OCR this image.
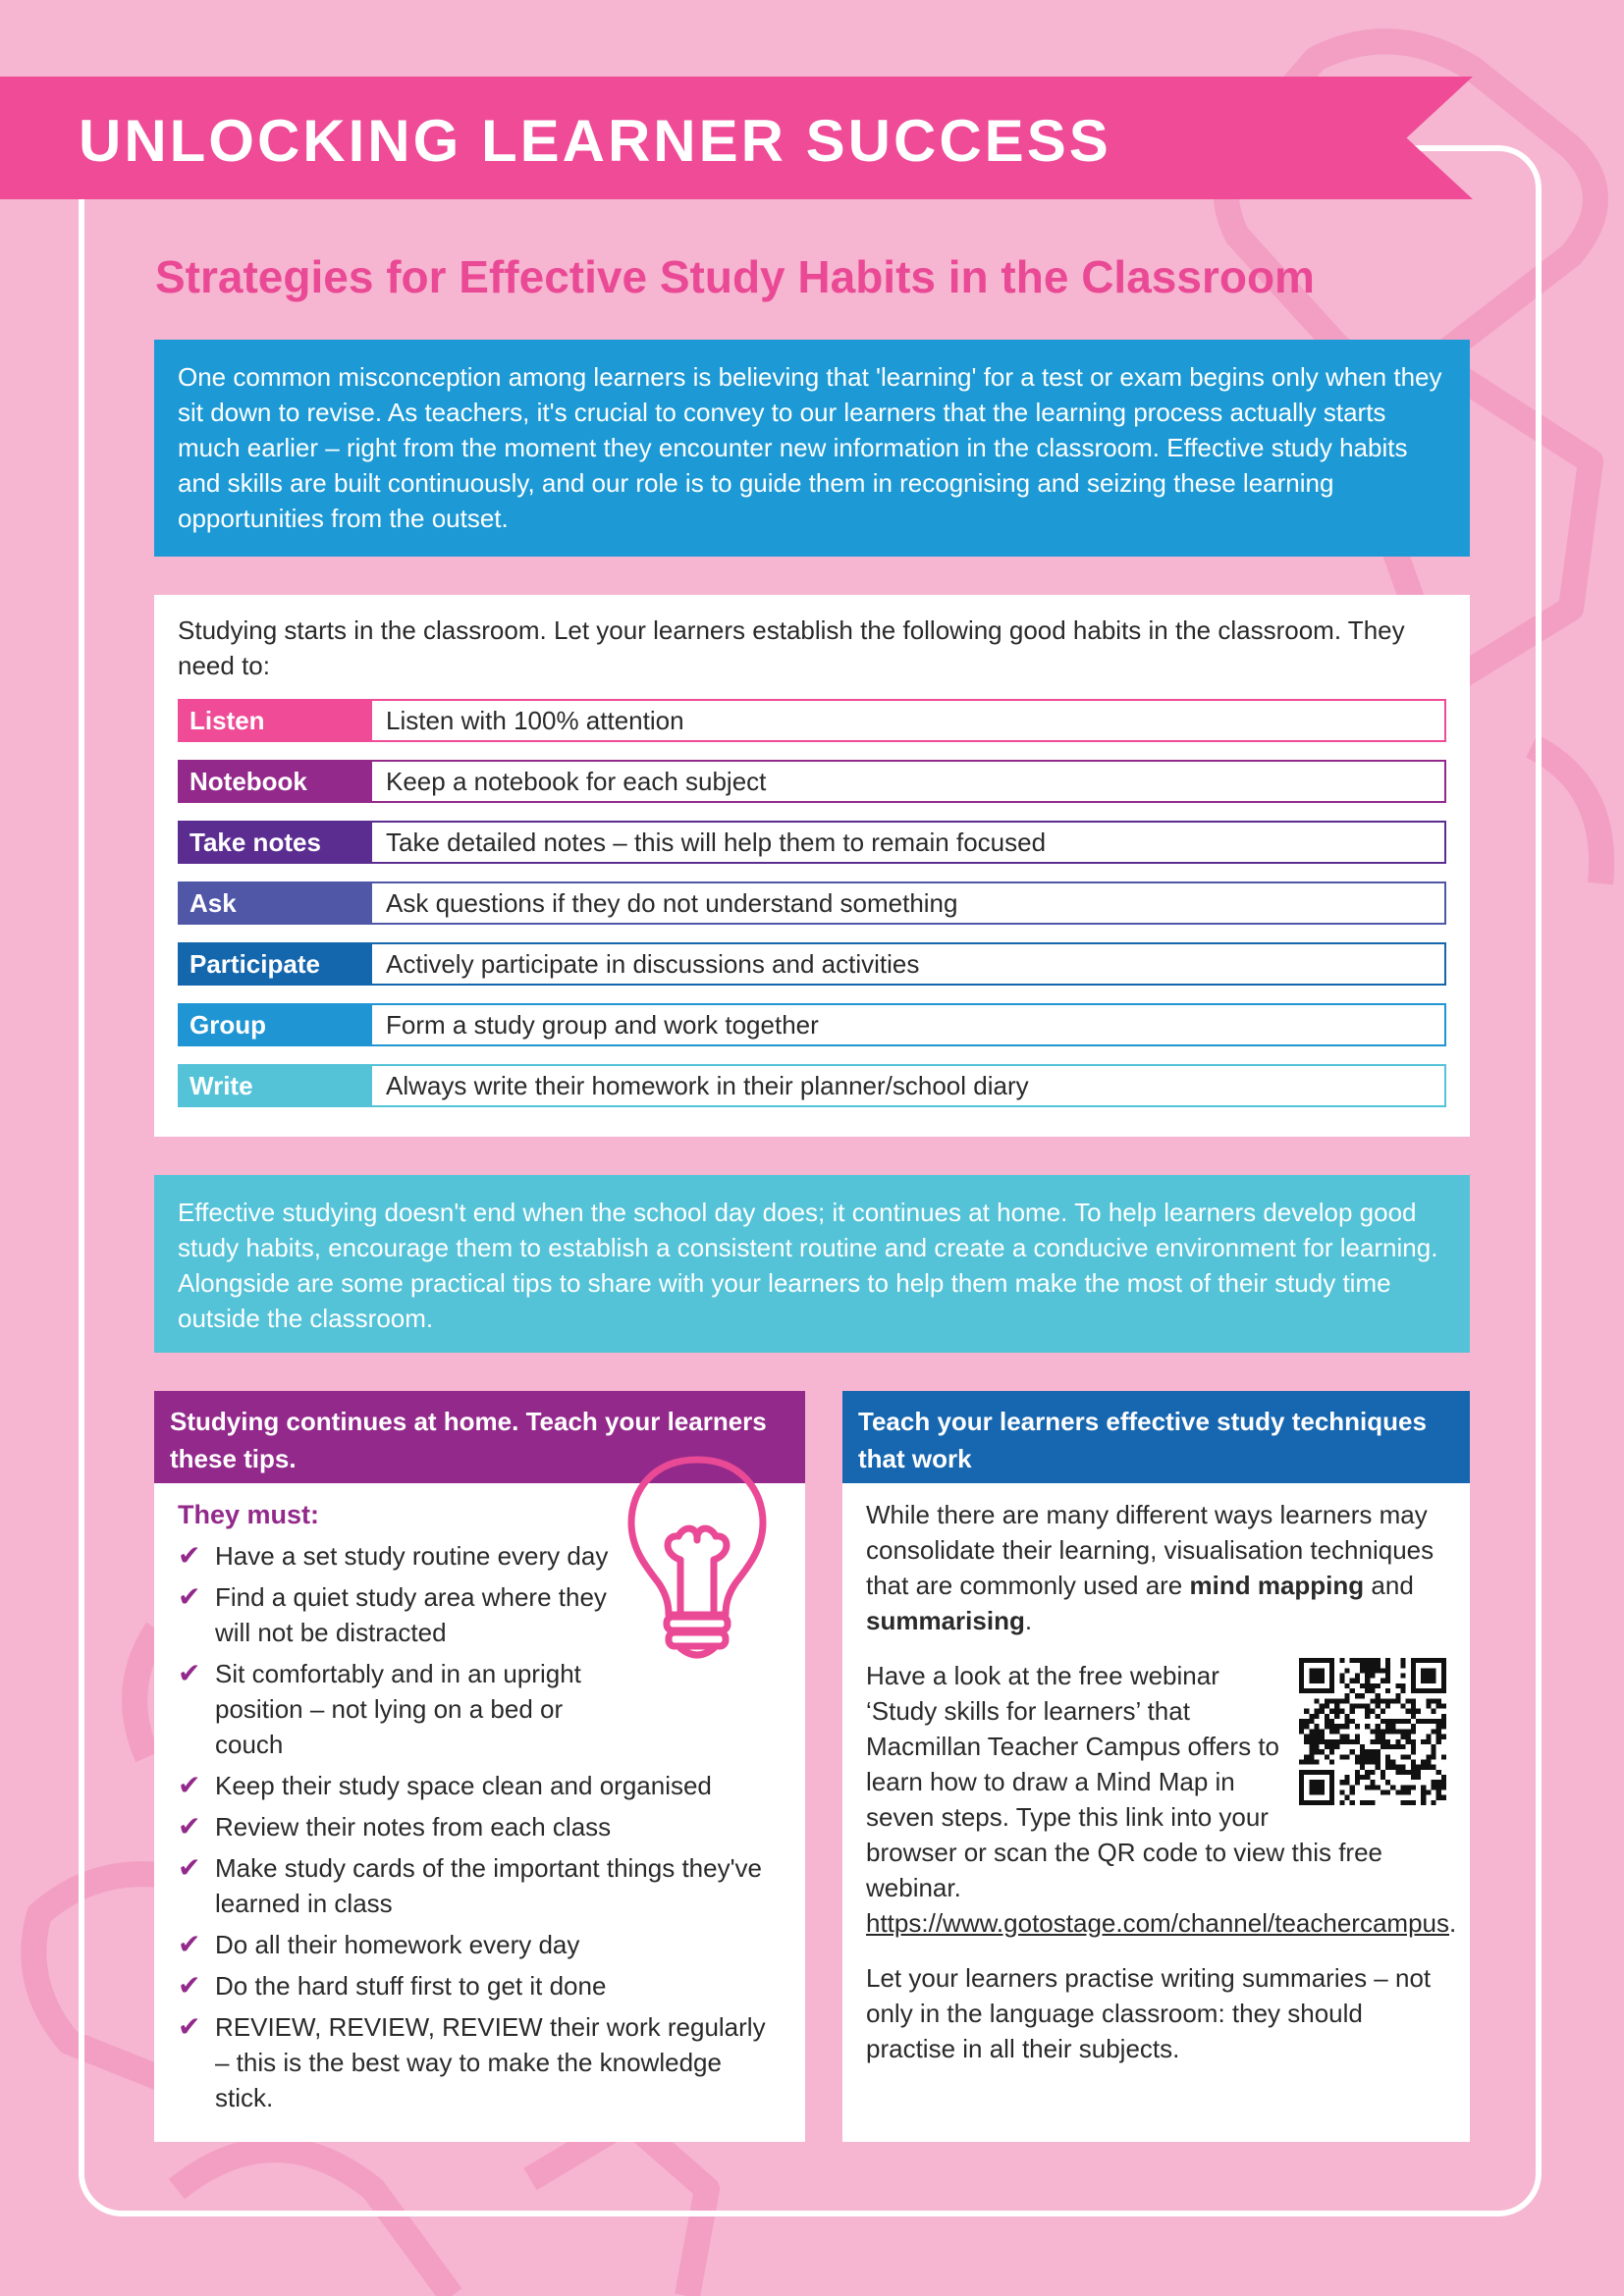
UNLOCKING LEARNER SUCCESS
Strategies for Effective Study Habits in the Classroom
One common misconception among learners is believing that 'learning' for a test or exam begins only when they sit down to revise. As teachers, it's crucial to convey to our learners that the learning process actually starts much earlier – right from the moment they encounter new information in the classroom. Effective study habits and skills are built continuously, and our role is to guide them in recognising and seizing these learning opportunities from the outset.

Studying starts in the classroom. Let your learners establish the following good habits in the classroom. They need to:

Listen	Listen with 100% attention
Notebook	Keep a notebook for each subject
Take notes	Take detailed notes – this will help them to remain focused
Ask	Ask questions if they do not understand something
Participate	Actively participate in discussions and activities
Group	Form a study group and work together
Write	Always write their homework in their planner/school diary
Effective studying doesn't end when the school day does; it continues at home. To help learners develop good study habits, encourage them to establish a consistent routine and create a conducive environment for learning. Alongside are some practical tips to share with your learners to help them make the most of their study time outside the classroom.
Studying continues at home. Teach your learners these tips.

They must:

✔ Have a set study routine every day
✔ Find a quiet study area where they will not be distracted
✔ Sit comfortably and in an upright position – not lying on a bed or couch
✔ Keep their study space clean and organised
✔ Review their notes from each class
✔ Make study cards of the important things they've learned in class
✔ Do all their homework every day
✔ Do the hard stuff first to get it done
✔ REVIEW, REVIEW, REVIEW their work regularly – this is the best way to make the knowledge stick.
Teach your learners effective study techniques that work

While there are many different ways learners may consolidate their learning, visualisation techniques that are commonly used are mind mapping and summarising.

Have a look at the free webinar ‘Study skills for learners’ that Macmillan Teacher Campus offers to learn how to draw a Mind Map in seven steps. Type this link into your browser or scan the QR code to view this free webinar. https://www.gotostage.com/channel/teachercampus.

Let your learners practise writing summaries – not only in the language classroom: they should practise in all their subjects.
